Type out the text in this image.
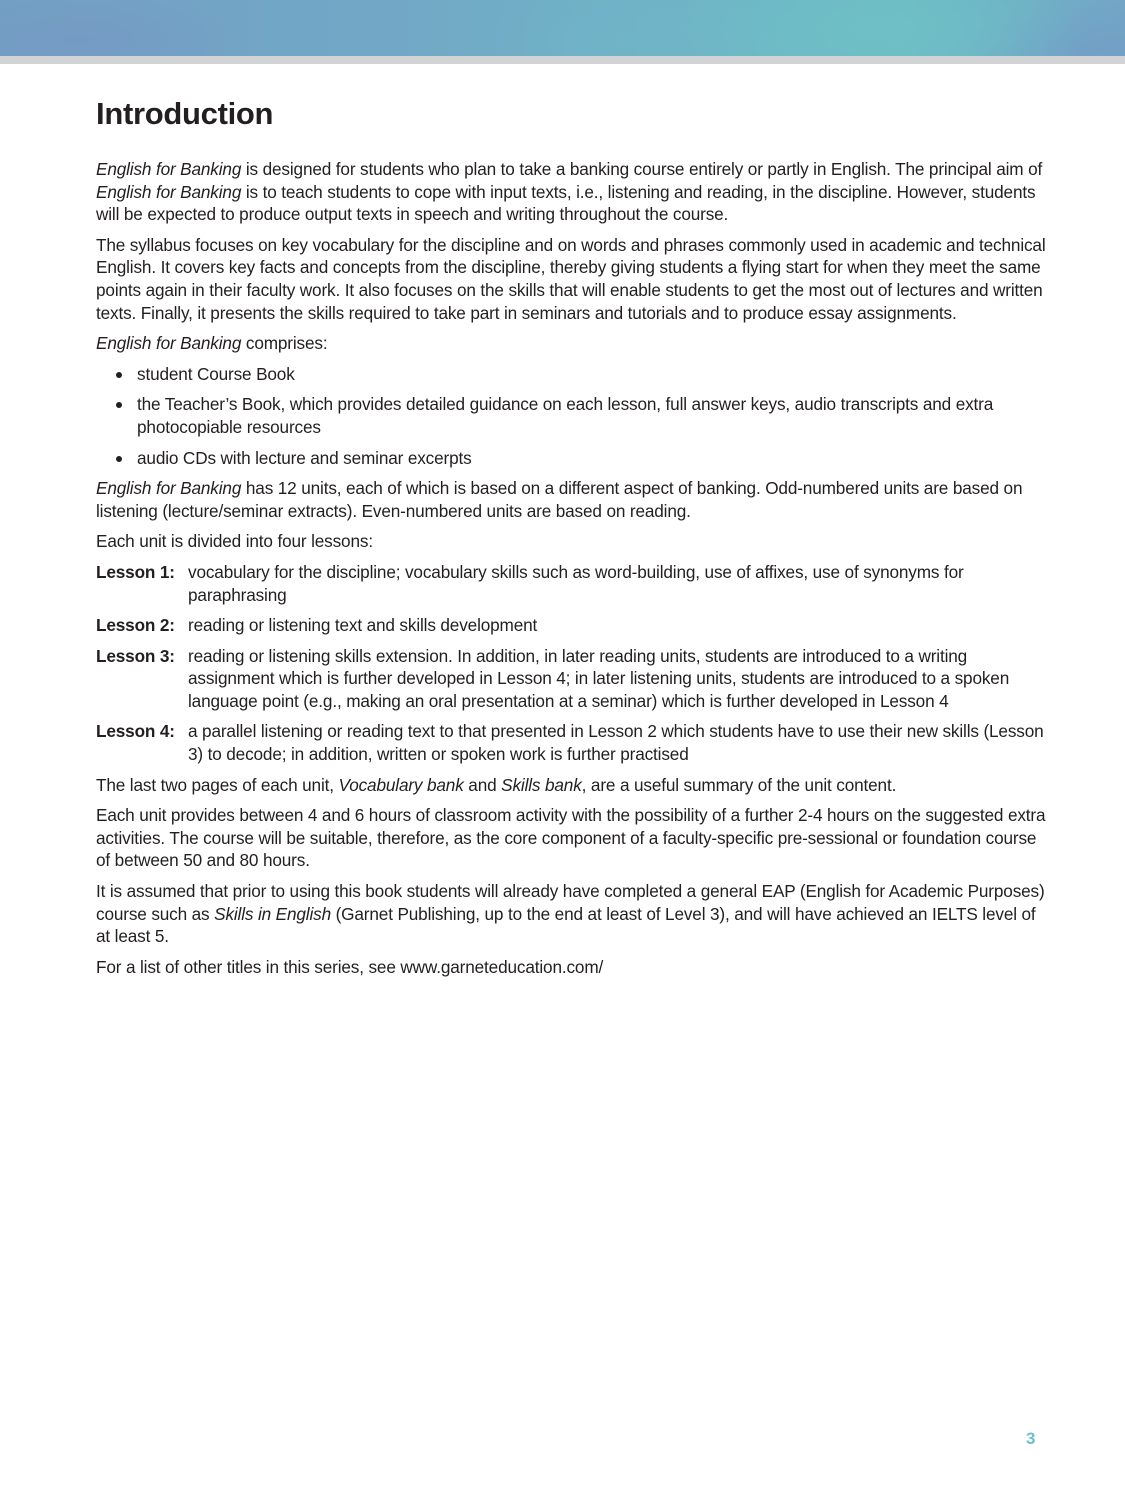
Introduction

English for Banking is designed for students who plan to take a banking course entirely or partly in English. The principal aim of English for Banking is to teach students to cope with input texts, i.e., listening and reading, in the discipline. However, students will be expected to produce output texts in speech and writing throughout the course.

The syllabus focuses on key vocabulary for the discipline and on words and phrases commonly used in academic and technical English. It covers key facts and concepts from the discipline, thereby giving students a flying start for when they meet the same points again in their faculty work. It also focuses on the skills that will enable students to get the most out of lectures and written texts. Finally, it presents the skills required to take part in seminars and tutorials and to produce essay assignments.

English for Banking comprises:

student Course Book
the Teacher’s Book, which provides detailed guidance on each lesson, full answer keys, audio transcripts and extra photocopiable resources
audio CDs with lecture and seminar excerpts

English for Banking has 12 units, each of which is based on a different aspect of banking. Odd-numbered units are based on listening (lecture/seminar extracts). Even-numbered units are based on reading.

Each unit is divided into four lessons:

Lesson 1: vocabulary for the discipline; vocabulary skills such as word-building, use of affixes, use of synonyms for paraphrasing
Lesson 2: reading or listening text and skills development
Lesson 3: reading or listening skills extension. In addition, in later reading units, students are introduced to a writing assignment which is further developed in Lesson 4; in later listening units, students are introduced to a spoken language point (e.g., making an oral presentation at a seminar) which is further developed in Lesson 4
Lesson 4: a parallel listening or reading text to that presented in Lesson 2 which students have to use their new skills (Lesson 3) to decode; in addition, written or spoken work is further practised

The last two pages of each unit, Vocabulary bank and Skills bank, are a useful summary of the unit content.

Each unit provides between 4 and 6 hours of classroom activity with the possibility of a further 2-4 hours on the suggested extra activities. The course will be suitable, therefore, as the core component of a faculty-specific pre-sessional or foundation course of between 50 and 80 hours.

It is assumed that prior to using this book students will already have completed a general EAP (English for Academic Purposes) course such as Skills in English (Garnet Publishing, up to the end at least of Level 3), and will have achieved an IELTS level of at least 5.

For a list of other titles in this series, see www.garneteducation.com/

3
